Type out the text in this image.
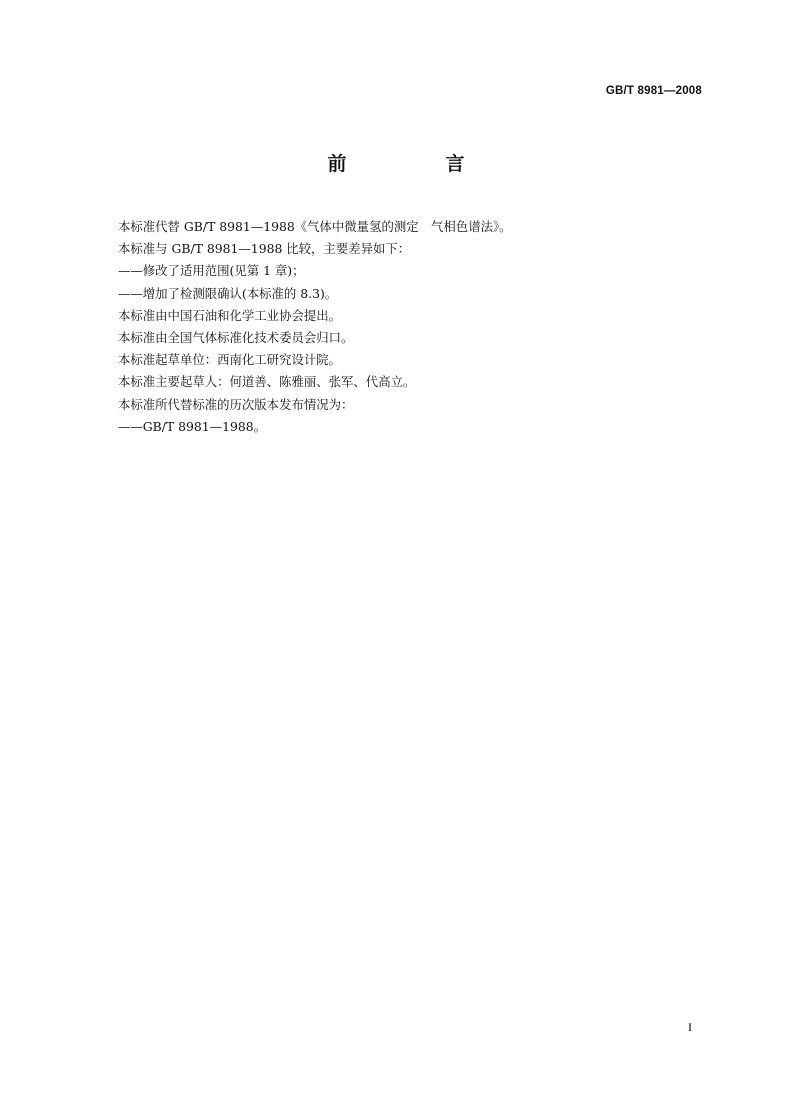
GB/T 8981—2008
前　言
本标准代替 GB/T 8981—1988《气体中微量氢的测定　气相色谱法》。
本标准与 GB/T 8981—1988 比较，主要差异如下：
——修改了适用范围(见第 1 章)；
——增加了检测限确认(本标准的 8.3)。
本标准由中国石油和化学工业协会提出。
本标准由全国气体标准化技术委员会归口。
本标准起草单位：西南化工研究设计院。
本标准主要起草人：何道善、陈雅丽、张军、代高立。
本标准所代替标准的历次版本发布情况为：
——GB/T 8981—1988。
I
